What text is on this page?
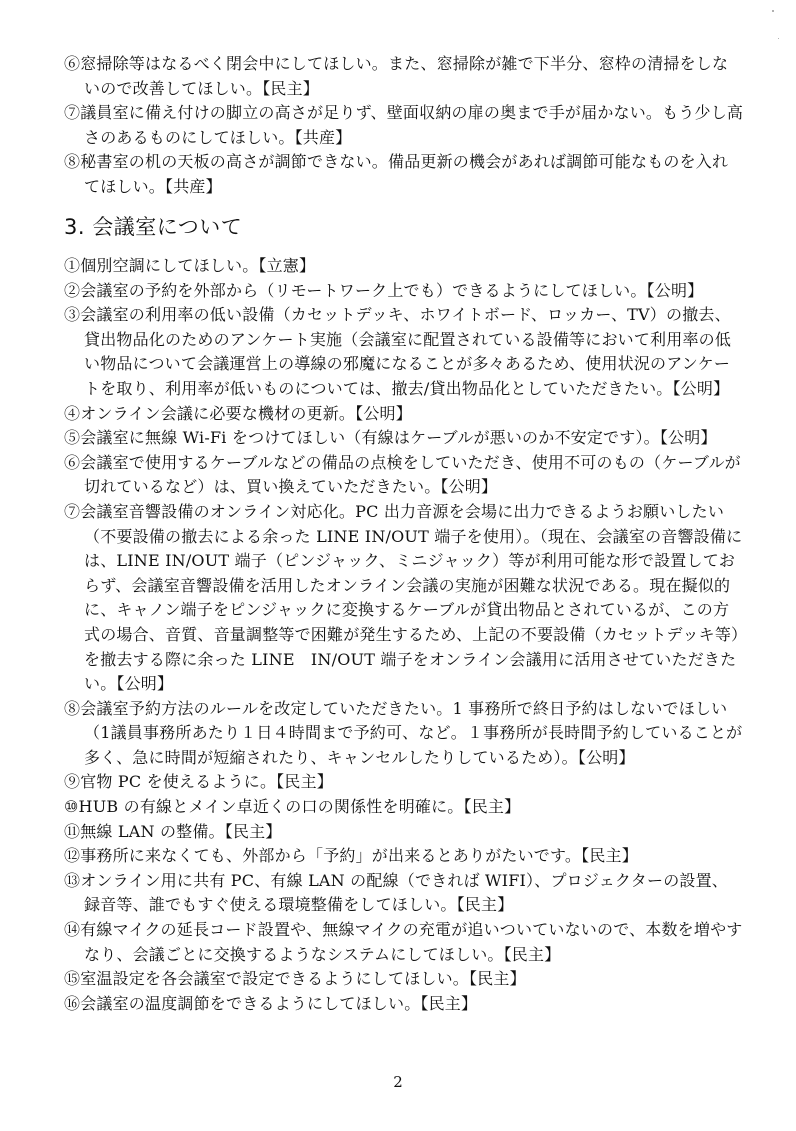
⑥窓掃除等はなるべく閉会中にしてほしい。また、窓掃除が雑で下半分、窓枠の清掃をしないので改善してほしい。【民主】

⑦議員室に備え付けの脚立の高さが足りず、壁面収納の扉の奥まで手が届かない。もう少し高さのあるものにしてほしい。【共産】

⑧秘書室の机の天板の高さが調節できない。備品更新の機会があれば調節可能なものを入れてほしい。【共産】

3. 会議室について

①個別空調にしてほしい。【立憲】

②会議室の予約を外部から（リモートワーク上でも）できるようにしてほしい。【公明】

③会議室の利用率の低い設備（カセットデッキ、ホワイトボード、ロッカー、TV）の撤去、貸出物品化のためのアンケート実施（会議室に配置されている設備等において利用率の低い物品について会議運営上の導線の邪魔になることが多々あるため、使用状況のアンケートを取り、利用率が低いものについては、撤去/貸出物品化としていただきたい。【公明】

④オンライン会議に必要な機材の更新。【公明】

⑤会議室に無線 Wi-Fi をつけてほしい（有線はケーブルが悪いのか不安定です）。【公明】

⑥会議室で使用するケーブルなどの備品の点検をしていただき、使用不可のもの（ケーブルが切れているなど）は、買い換えていただきたい。【公明】

⑦会議室音響設備のオンライン対応化。PC 出力音源を会場に出力できるようお願いしたい（不要設備の撤去による余った LINE IN/OUT 端子を使用）。（現在、会議室の音響設備には、LINE IN/OUT 端子（ピンジャック、ミニジャック）等が利用可能な形で設置しておらず、会議室音響設備を活用したオンライン会議の実施が困難な状況である。現在擬似的に、キャノン端子をピンジャックに変換するケーブルが貸出物品とされているが、この方式の場合、音質、音量調整等で困難が発生するため、上記の不要設備（カセットデッキ等）を撤去する際に余った LINE　IN/OUT 端子をオンライン会議用に活用させていただきたい。【公明】

⑧会議室予約方法のルールを改定していただきたい。1 事務所で終日予約はしないでほしい（1議員事務所あたり１日４時間まで予約可、など。１事務所が長時間予約していることが多く、急に時間が短縮されたり、キャンセルしたりしているため）。【公明】

⑨官物 PC を使えるように。【民主】

⑩HUB の有線とメイン卓近くの口の関係性を明確に。【民主】

⑪無線 LAN の整備。【民主】

⑫事務所に来なくても、外部から「予約」が出来るとありがたいです。【民主】

⑬オンライン用に共有 PC、有線 LAN の配線（できれば WIFI）、プロジェクターの設置、録音等、誰でもすぐ使える環境整備をしてほしい。【民主】

⑭有線マイクの延長コード設置や、無線マイクの充電が追いついていないので、本数を増やすなり、会議ごとに交換するようなシステムにしてほしい。【民主】

⑮室温設定を各会議室で設定できるようにしてほしい。【民主】

⑯会議室の温度調節をできるようにしてほしい。【民主】

2
